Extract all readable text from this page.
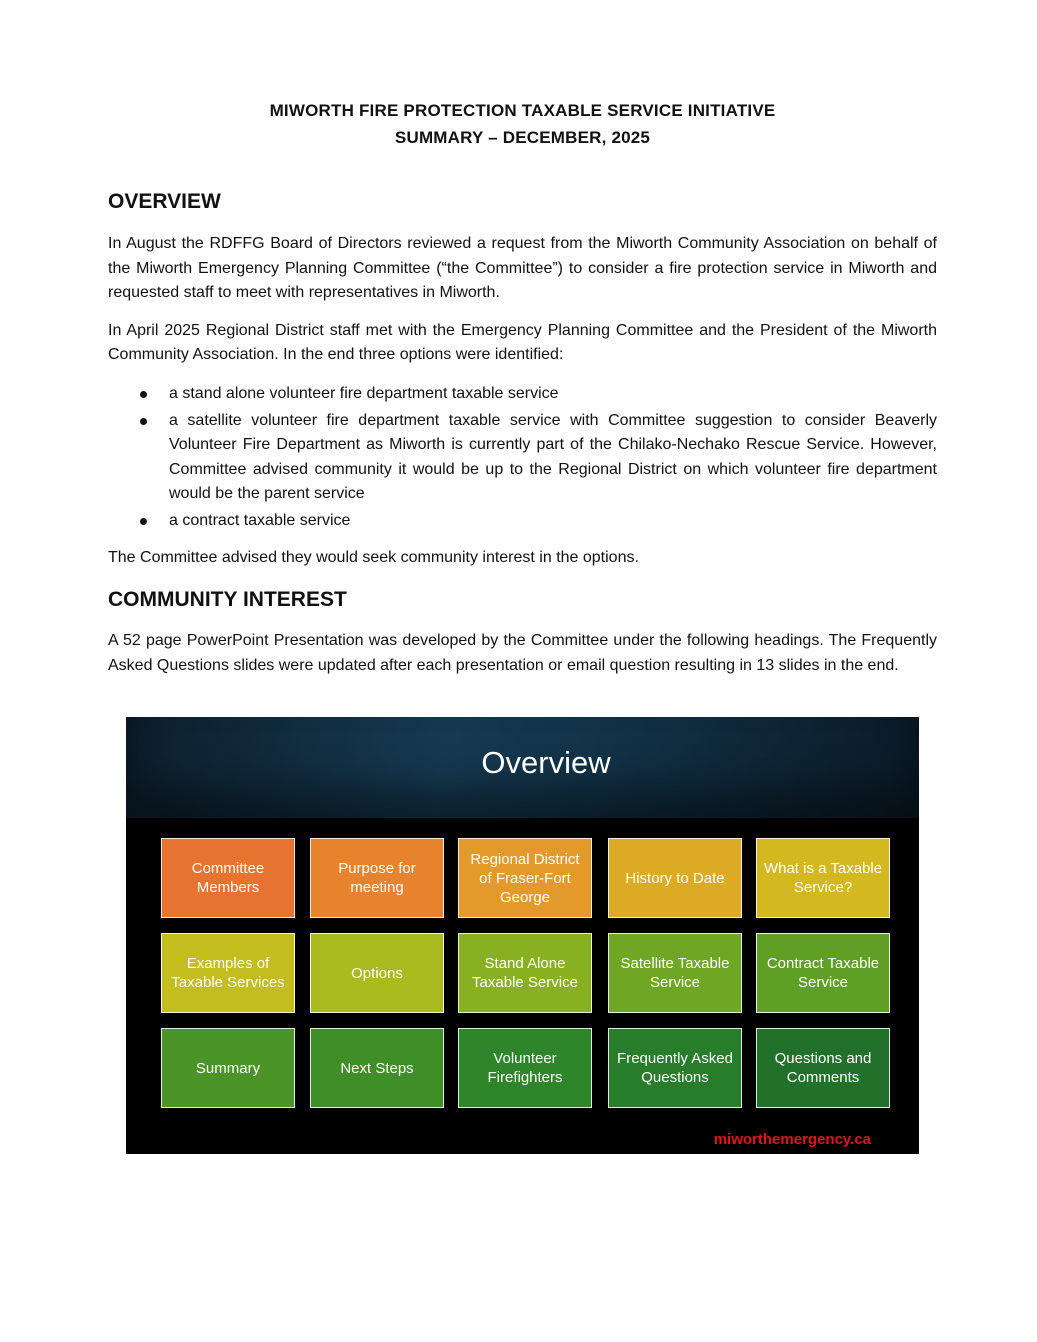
MIWORTH FIRE PROTECTION TAXABLE SERVICE INITIATIVE
SUMMARY – DECEMBER, 2025
OVERVIEW

In August the RDFFG Board of Directors reviewed a request from the Miworth Community Association on behalf of the Miworth Emergency Planning Committee (“the Committee”) to consider a fire protection service in Miworth and requested staff to meet with representatives in Miworth.

In April 2025 Regional District staff met with the Emergency Planning Committee and the President of the Miworth Community Association. In the end three options were identified:

a stand alone volunteer fire department taxable service
a satellite volunteer fire department taxable service with Committee suggestion to consider Beaverly Volunteer Fire Department as Miworth is currently part of the Chilako-Nechako Rescue Service. However, Committee advised community it would be up to the Regional District on which volunteer fire department would be the parent service
a contract taxable service

The Committee advised they would seek community interest in the options.

COMMUNITY INTEREST

A 52 page PowerPoint Presentation was developed by the Committee under the following headings. The Frequently Asked Questions slides were updated after each presentation or email question resulting in 13 slides in the end.

Overview
Committee Members
Purpose for meeting
Regional District of Fraser-Fort George
History to Date
What is a Taxable Service?
Examples of Taxable Services
Options
Stand Alone Taxable Service
Satellite Taxable Service
Contract Taxable Service
Summary	Next Steps
Volunteer Firefighters
Frequently Asked Questions
Questions and Comments
miworthemergency.ca
